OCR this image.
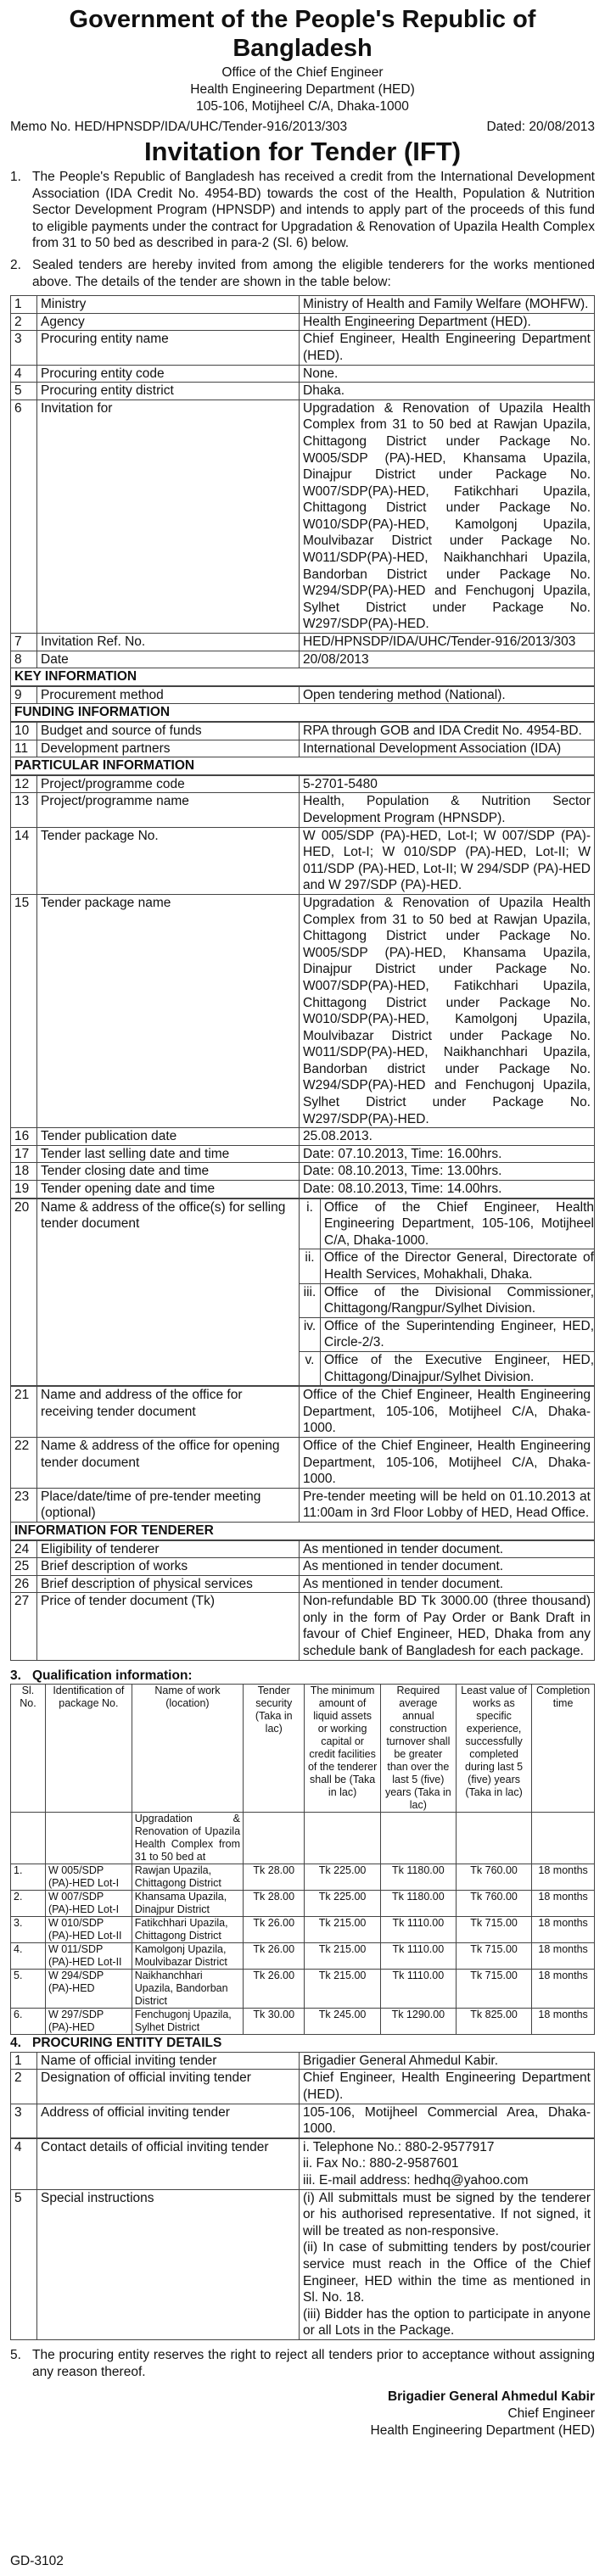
Government of the People's Republic of Bangladesh
Office of the Chief Engineer
Health Engineering Department (HED)
105-106, Motijheel C/A, Dhaka-1000
Memo No. HED/HPNSDP/IDA/UHC/Tender-916/2013/303	Dated: 20/08/2013
Invitation for Tender (IFT)
1. The People's Republic of Bangladesh has received a credit from the International Development Association (IDA Credit No. 4954-BD) towards the cost of the Health, Population & Nutrition Sector Development Program (HPNSDP) and intends to apply part of the proceeds of this fund to eligible payments under the contract for Upgradation & Renovation of Upazila Health Complex from 31 to 50 bed as described in para-2 (Sl. 6) below.
2. Sealed tenders are hereby invited from among the eligible tenderers for the works mentioned above. The details of the tender are shown in the table below:
1	Ministry	Ministry of Health and Family Welfare (MOHFW).
2	Agency	Health Engineering Department (HED).
3	Procuring entity name	Chief Engineer, Health Engineering Department (HED).
4	Procuring entity code	None.
5	Procuring entity district	Dhaka.
6	Invitation for	Upgradation & Renovation of Upazila Health Complex from 31 to 50 bed at Rawjan Upazila, Chittagong District under Package No. W005/SDP (PA)-HED, Khansama Upazila, Dinajpur District under Package No. W007/SDP(PA)-HED, Fatikchhari Upazila, Chittagong District under Package No. W010/SDP(PA)-HED, Kamolgonj Upazila, Moulvibazar District under Package No. W011/SDP(PA)-HED, Naikhanchhari Upazila, Bandorban District under Package No. W294/SDP(PA)-HED and Fenchugonj Upazila, Sylhet District under Package No. W297/SDP(PA)-HED.
7	Invitation Ref. No.	HED/HPNSDP/IDA/UHC/Tender-916/2013/303
8	Date	20/08/2013
KEY INFORMATION
9	Procurement method	Open tendering method (National).
FUNDING INFORMATION
10	Budget and source of funds	RPA through GOB and IDA Credit No. 4954-BD.
11	Development partners	International Development Association (IDA)
PARTICULAR INFORMATION
12	Project/programme code	5-2701-5480
13	Project/programme name	Health, Population & Nutrition Sector Development Program (HPNSDP).
14	Tender package No.	W 005/SDP (PA)-HED, Lot-I; W 007/SDP (PA)-HED, Lot-I; W 010/SDP (PA)-HED, Lot-II; W 011/SDP (PA)-HED, Lot-II; W 294/SDP (PA)-HED and W 297/SDP (PA)-HED.
15	Tender package name	Upgradation & Renovation of Upazila Health Complex from 31 to 50 bed at Rawjan Upazila, Chittagong District under Package No. W005/SDP (PA)-HED, Khansama Upazila, Dinajpur District under Package No. W007/SDP(PA)-HED, Fatikchhari Upazila, Chittagong District under Package No. W010/SDP(PA)-HED, Kamolgonj Upazila, Moulvibazar District under Package No. W011/SDP(PA)-HED, Naikhanchhari Upazila, Bandorban district under Package No. W294/SDP(PA)-HED and Fenchugonj Upazila, Sylhet District under Package No. W297/SDP(PA)-HED.
16	Tender publication date	25.08.2013.
17	Tender last selling date and time	Date: 07.10.2013, Time: 16.00hrs.
18	Tender closing date and time	Date: 08.10.2013, Time: 13.00hrs.
19	Tender opening date and time	Date: 08.10.2013, Time: 14.00hrs.
20	Name & address of the office(s) for selling tender document	
i. Office of the Chief Engineer, Health Engineering Department, 105-106, Motijheel C/A, Dhaka-1000.
ii. Office of the Director General, Directorate of Health Services, Mohakhali, Dhaka.
iii. Office of the Divisional Commissioner, Chittagong/Rangpur/Sylhet Division.
iv. Office of the Superintending Engineer, HED, Circle-2/3.
v. Office of the Executive Engineer, HED, Chittagong/Dinajpur/Sylhet Division.
21	Name and address of the office for receiving tender document	Office of the Chief Engineer, Health Engineering Department, 105-106, Motijheel C/A, Dhaka-1000.
22	Name & address of the office for opening tender document	Office of the Chief Engineer, Health Engineering Department, 105-106, Motijheel C/A, Dhaka-1000.
23	Place/date/time of pre-tender meeting (optional)	Pre-tender meeting will be held on 01.10.2013 at 11:00am in 3rd Floor Lobby of HED, Head Office.
INFORMATION FOR TENDERER
24	Eligibility of tenderer	As mentioned in tender document.
25	Brief description of works	As mentioned in tender document.
26	Brief description of physical services	As mentioned in tender document.
27	Price of tender document (Tk)	Non-refundable BD Tk 3000.00 (three thousand) only in the form of Pay Order or Bank Draft in favour of Chief Engineer, HED, Dhaka from any schedule bank of Bangladesh for each package.
3. Qualification information:
Sl. No.	Identification of package No.	Name of work (location)	Tender security (Taka in lac)	The minimum amount of liquid assets or working capital or credit facilities of the tenderer shall be (Taka in lac)	Required average annual construction turnover shall be greater than over the last 5 (five) years (Taka in lac)	Least value of works as specific experience, successfully completed during last 5 (five) years (Taka in lac)	Completion time
		Upgradation & Renovation of Upazila Health Complex from 31 to 50 bed at					
1.	W 005/SDP (PA)-HED Lot-I	Rawjan Upazila, Chittagong District	Tk 28.00	Tk 225.00	Tk 1180.00	Tk 760.00	18 months
2.	W 007/SDP (PA)-HED Lot-I	Khansama Upazila, Dinajpur District	Tk 28.00	Tk 225.00	Tk 1180.00	Tk 760.00	18 months
3.	W 010/SDP (PA)-HED Lot-II	Fatikchhari Upazila, Chittagong District	Tk 26.00	Tk 215.00	Tk 1110.00	Tk 715.00	18 months
4.	W 011/SDP (PA)-HED Lot-II	Kamolgonj Upazila, Moulvibazar District	Tk 26.00	Tk 215.00	Tk 1110.00	Tk 715.00	18 months
5.	W 294/SDP (PA)-HED	Naikhanchhari Upazila, Bandorban District	Tk 26.00	Tk 215.00	Tk 1110.00	Tk 715.00	18 months
6.	W 297/SDP (PA)-HED	Fenchugonj Upazila, Sylhet District	Tk 30.00	Tk 245.00	Tk 1290.00	Tk 825.00	18 months
4. PROCURING ENTITY DETAILS
1	Name of official inviting tender	Brigadier General Ahmedul Kabir.
2	Designation of official inviting tender	Chief Engineer, Health Engineering Department (HED).
3	Address of official inviting tender	105-106, Motijheel Commercial Area, Dhaka-1000.
4	Contact details of official inviting tender	i. Telephone No.: 880-2-9577917
ii. Fax No.: 880-2-9587601
iii. E-mail address: hedhq@yahoo.com

5	Special instructions	(i) All submittals must be signed by the tenderer or his authorised representative. If not signed, it will be treated as non-responsive.
(ii) In case of submitting tenders by post/courier service must reach in the Office of the Chief Engineer, HED within the time as mentioned in Sl. No. 18.
(iii) Bidder has the option to participate in anyone or all Lots in the Package.
5. The procuring entity reserves the right to reject all tenders prior to acceptance without assigning any reason thereof.
Brigadier General Ahmedul Kabir
Chief Engineer
Health Engineering Department (HED)
GD-3102
